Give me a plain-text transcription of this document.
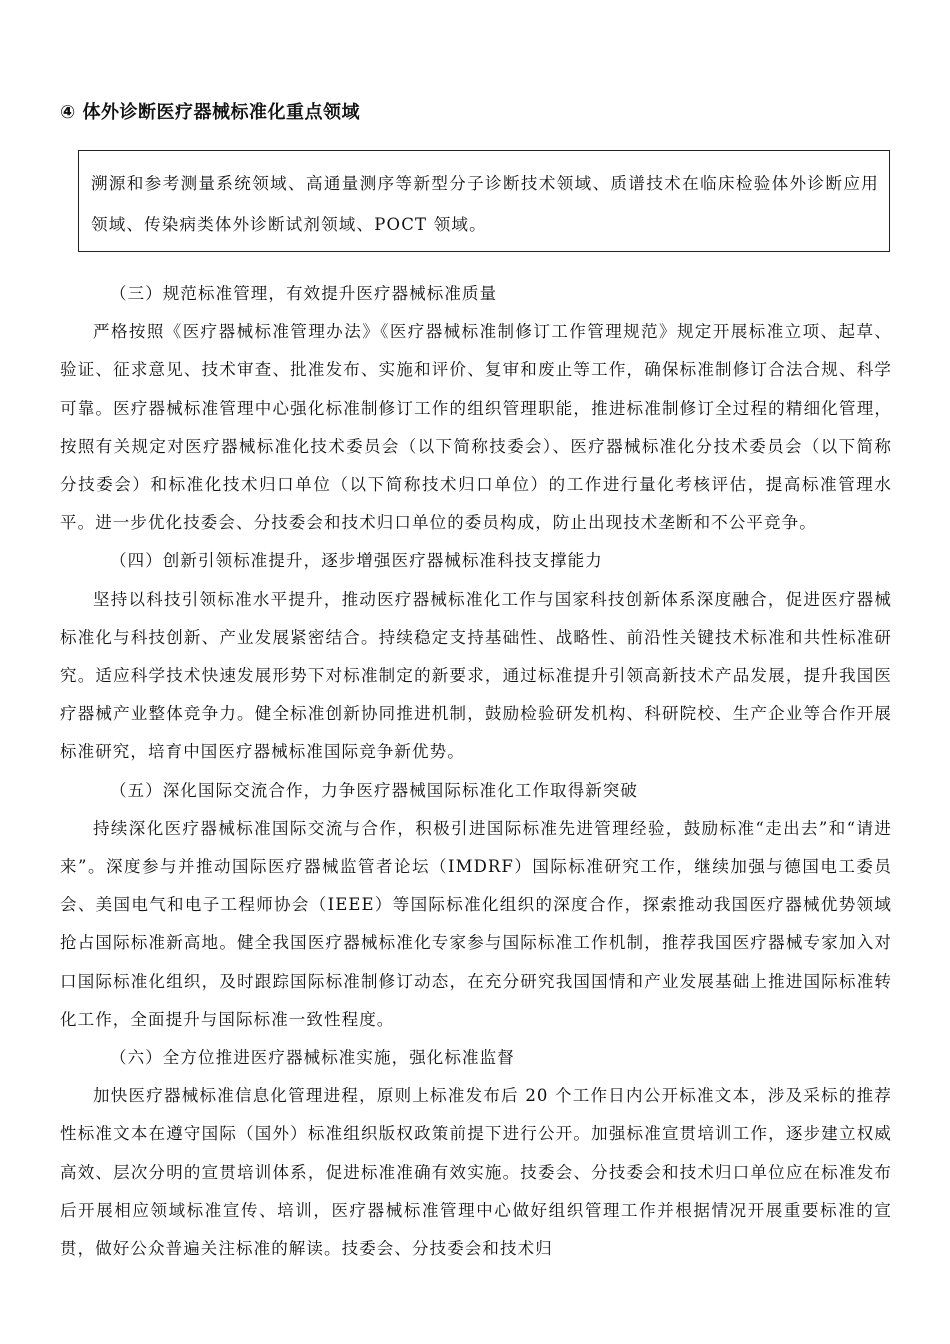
④ 体外诊断医疗器械标准化重点领域
溯源和参考测量系统领域、高通量测序等新型分子诊断技术领域、质谱技术在临床检验体外诊断应用领域、传染病类体外诊断试剂领域、POCT 领域。

（三）规范标准管理，有效提升医疗器械标准质量

严格按照《医疗器械标准管理办法》《医疗器械标准制修订工作管理规范》规定开展标准立项、起草、验证、征求意见、技术审查、批准发布、实施和评价、复审和废止等工作，确保标准制修订合法合规、科学可靠。医疗器械标准管理中心强化标准制修订工作的组织管理职能，推进标准制修订全过程的精细化管理，按照有关规定对医疗器械标准化技术委员会（以下简称技委会）、医疗器械标准化分技术委员会（以下简称分技委会）和标准化技术归口单位（以下简称技术归口单位）的工作进行量化考核评估，提高标准管理水平。进一步优化技委会、分技委会和技术归口单位的委员构成，防止出现技术垄断和不公平竞争。

（四）创新引领标准提升，逐步增强医疗器械标准科技支撑能力

坚持以科技引领标准水平提升，推动医疗器械标准化工作与国家科技创新体系深度融合，促进医疗器械标准化与科技创新、产业发展紧密结合。持续稳定支持基础性、战略性、前沿性关键技术标准和共性标准研究。适应科学技术快速发展形势下对标准制定的新要求，通过标准提升引领高新技术产品发展，提升我国医疗器械产业整体竞争力。健全标准创新协同推进机制，鼓励检验研发机构、科研院校、生产企业等合作开展标准研究，培育中国医疗器械标准国际竞争新优势。

（五）深化国际交流合作，力争医疗器械国际标准化工作取得新突破

持续深化医疗器械标准国际交流与合作，积极引进国际标准先进管理经验，鼓励标准“走出去”和“请进来”。深度参与并推动国际医疗器械监管者论坛（IMDRF）国际标准研究工作，继续加强与德国电工委员会、美国电气和电子工程师协会（IEEE）等国际标准化组织的深度合作，探索推动我国医疗器械优势领域抢占国际标准新高地。健全我国医疗器械标准化专家参与国际标准工作机制，推荐我国医疗器械专家加入对口国际标准化组织，及时跟踪国际标准制修订动态，在充分研究我国国情和产业发展基础上推进国际标准转化工作，全面提升与国际标准一致性程度。

（六）全方位推进医疗器械标准实施，强化标准监督

加快医疗器械标准信息化管理进程，原则上标准发布后 20 个工作日内公开标准文本，涉及采标的推荐性标准文本在遵守国际（国外）标准组织版权政策前提下进行公开。加强标准宣贯培训工作，逐步建立权威高效、层次分明的宣贯培训体系，促进标准准确有效实施。技委会、分技委会和技术归口单位应在标准发布后开展相应领域标准宣传、培训，医疗器械标准管理中心做好组织管理工作并根据情况开展重要标准的宣贯，做好公众普遍关注标准的解读。技委会、分技委会和技术归
